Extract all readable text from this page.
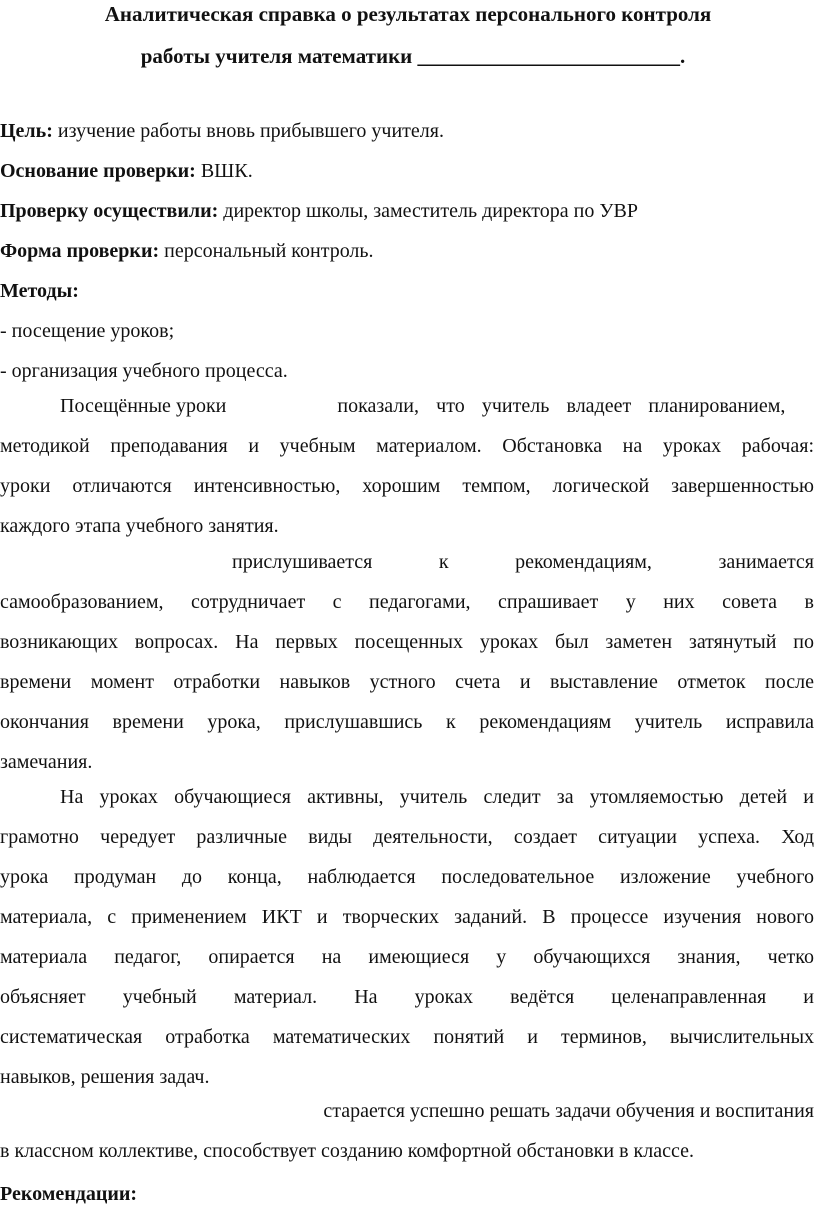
Аналитическая справка о результатах персонального контроля
работы учителя математики _________________________.
Цель: изучение работы вновь прибывшего учителя.
Основание проверки: ВШК.
Проверку осуществили: директор школы, заместитель директора по УВР
Форма проверки: персональный контроль.
Методы:
- посещение уроков;
- организация учебного процесса.
Посещённые уроки	показали, что учитель владеет планированием,
методикой преподавания и учебным материалом. Обстановка на уроках рабочая:
уроки отличаются интенсивностью, хорошим темпом, логической завершенностью
каждого этапа учебного занятия.
прислушивается к рекомендациям, занимается
самообразованием, сотрудничает с педагогами, спрашивает у них совета в
возникающих вопросах. На первых посещенных уроках был заметен затянутый по
времени момент отработки навыков устного счета и выставление отметок после
окончания времени урока, прислушавшись к рекомендациям учитель исправила
замечания.
На уроках обучающиеся активны, учитель следит за утомляемостью детей и
грамотно чередует различные виды деятельности, создает ситуации успеха. Ход
урока продуман до конца, наблюдается последовательное изложение учебного
материала, с применением ИКТ и творческих заданий. В процессе изучения нового
материала педагог, опирается на имеющиеся у обучающихся знания, четко
объясняет учебный материал. На уроках ведётся целенаправленная и
систематическая отработка математических понятий и терминов, вычислительных
навыков, решения задач.
старается успешно решать задачи обучения и воспитания
в классном коллективе, способствует созданию комфортной обстановки в классе.
Рекомендации:
